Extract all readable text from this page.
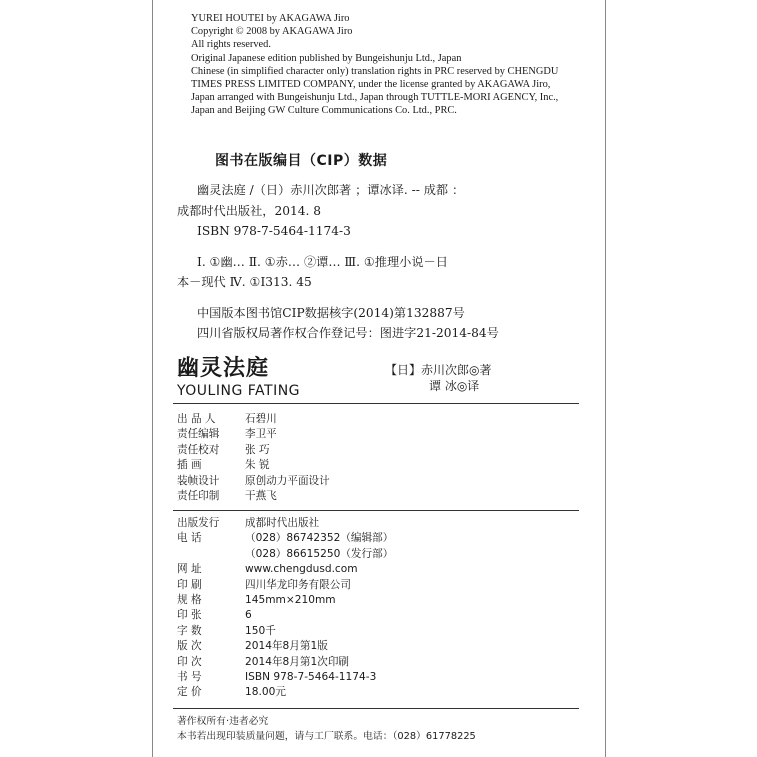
YUREI HOUTEI by AKAGAWA Jiro
Copyright © 2008 by AKAGAWA Jiro
All rights reserved.
Original Japanese edition published by Bungeishunju Ltd., Japan
Chinese (in simplified character only) translation rights in PRC reserved by CHENGDU
TIMES PRESS LIMITED COMPANY, under the license granted by AKAGAWA Jiro,
Japan arranged with Bungeishunju Ltd., Japan through TUTTLE-MORI AGENCY, Inc.,
Japan and Beijing GW Culture Communications Co. Ltd., PRC.
图书在版编目（CIP）数据
幽灵法庭 /（日）赤川次郎著 ；谭冰译. -- 成都 ：
成都时代出版社，2014. 8
ISBN 978-7-5464-1174-3
Ⅰ. ①幽… Ⅱ. ①赤… ②谭… Ⅲ. ①推理小说－日
本－现代 Ⅳ. ①I313. 45
中国版本图书馆CIP数据核字(2014)第132887号
四川省版权局著作权合作登记号：图进字21-2014-84号
幽灵法庭
YOULING FATING
【日】赤川次郎◎著
谭 冰◎译
出 品 人	石碧川
责任编辑 李卫平
责任校对 张 巧
插 画	朱 锐
装帧设计 原创动力平面设计
责任印制 干燕飞
出版发行 成都时代出版社
电 话	（028）86742352（编辑部）
（028）86615250（发行部）
网 址	www.chengdusd.com
印 刷	四川华龙印务有限公司
规 格	145mm×210mm
印 张	6
字 数	150千
版 次	2014年8月第1版
印 次	2014年8月第1次印刷
书 号	ISBN 978-7-5464-1174-3
定 价	18.00元
著作权所有·违者必究
本书若出现印装质量问题，请与工厂联系。电话：（028）61778225
